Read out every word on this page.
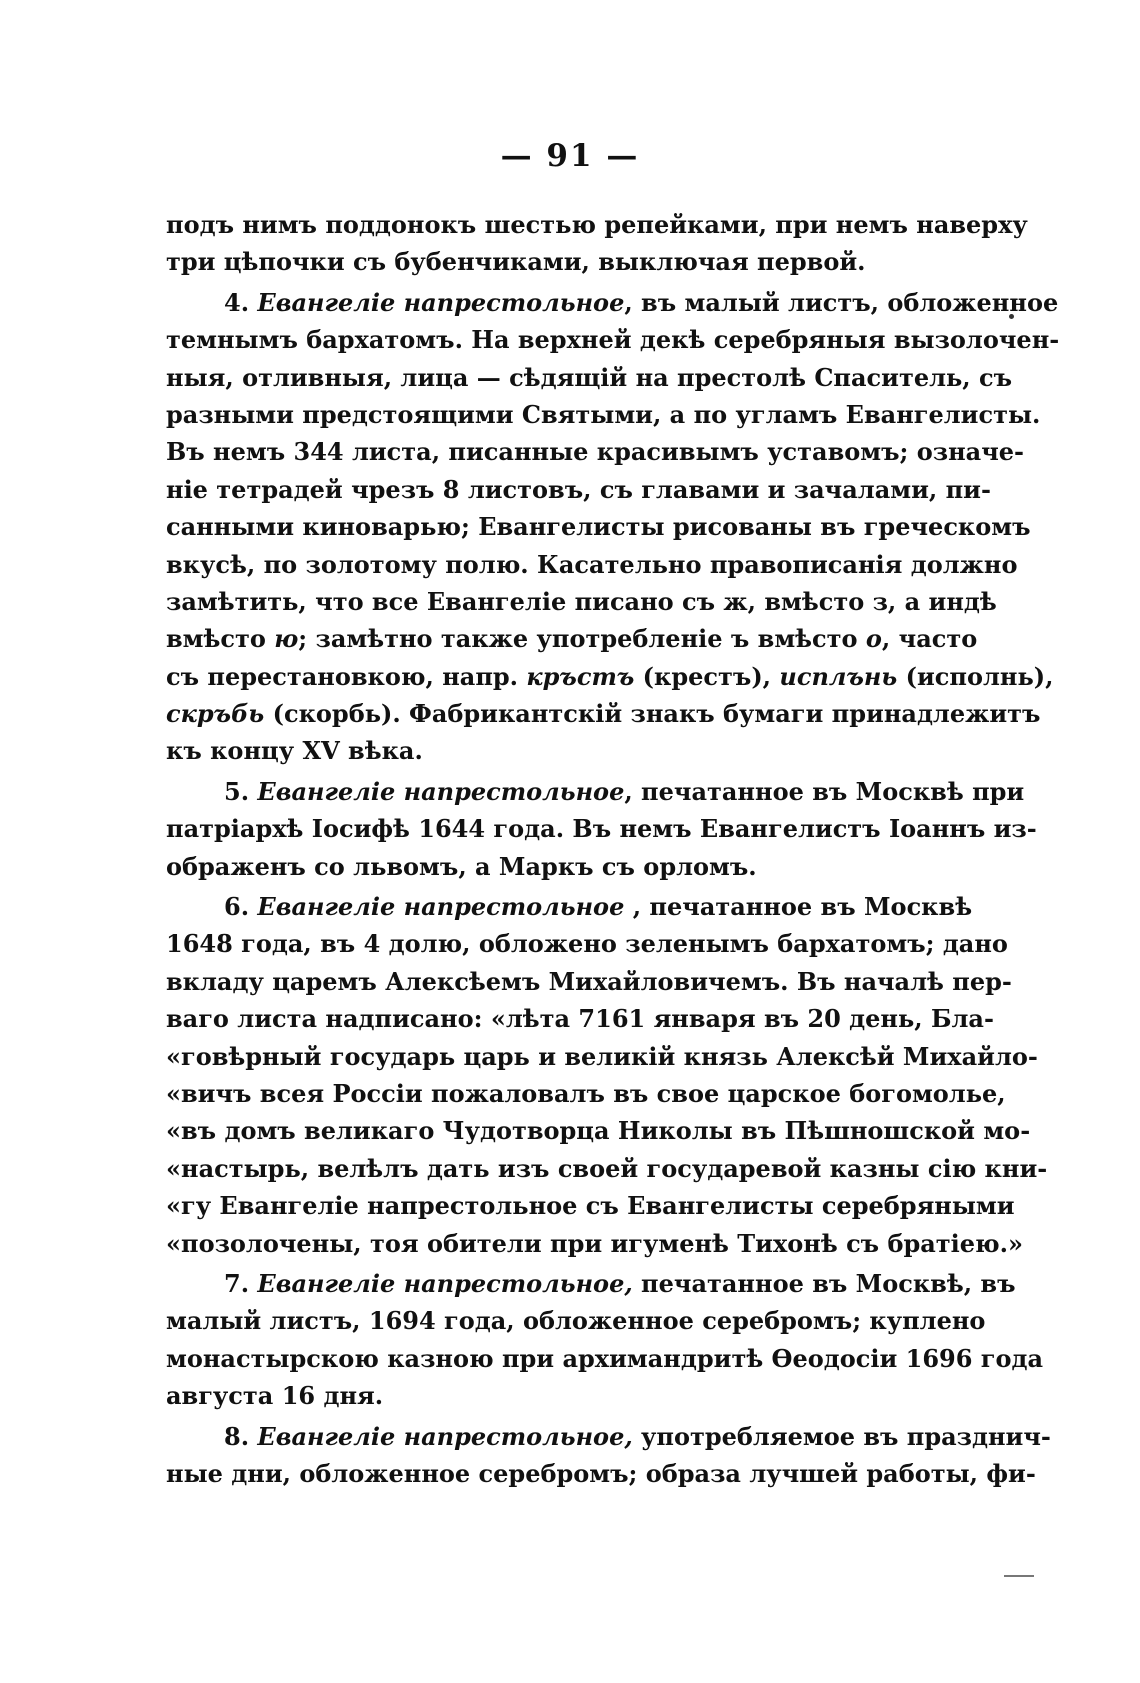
— 91 —
подъ нимъ поддонокъ шестью репейками, при немъ наверху
три цѣпочки съ бубенчиками, выключая первой.
4. Евангеліе напрестольное, въ малый листъ, обложенное
темнымъ бархатомъ. На верхней декѣ серебряныя вызолочен-
ныя, отливныя, лица — сѣдящій на престолѣ Спаситель, съ
разными предстоящими Святыми, а по угламъ Евангелисты.
Въ немъ 344 листа, писанные красивымъ уставомъ; означе-
ніе тетрадей чрезъ 8 листовъ, съ главами и зачалами, пи-
санными киноварью; Евангелисты рисованы въ греческомъ
вкусѣ, по золотому полю. Касательно правописанія должно
замѣтить, что все Евангеліе писано съ ж, вмѣсто з, а индѣ
вмѣсто ю; замѣтно также употребленіе ъ вмѣсто о, часто
съ перестановкою, напр. кръстъ (крестъ), исплънь (исполнь),
скръбь (скорбь). Фабрикантскій знакъ бумаги принадлежитъ
къ концу XV вѣка.
5. Евангеліе напрестольное, печатанное въ Москвѣ при
патріархѣ Іосифѣ 1644 года. Въ немъ Евангелистъ Іоаннъ из-
ображенъ со львомъ, а Маркъ съ орломъ.
6. Евангеліе напрестольное , печатанное въ Москвѣ
1648 года, въ 4 долю, обложено зеленымъ бархатомъ; дано
вкладу царемъ Алексѣемъ Михайловичемъ. Въ началѣ пер-
ваго листа надписано: «лѣта 7161 января въ 20 день, Бла-
«говѣрный государь царь и великій князь Алексѣй Михайло-
«вичъ всея Россіи пожаловалъ въ свое царское богомолье,
«въ домъ великаго Чудотворца Николы въ Пѣшношской мо-
«настырь, велѣлъ дать изъ своей государевой казны сію кни-
«гу Евангеліе напрестольное съ Евангелисты серебряными
«позолочены, тоя обители при игуменѣ Тихонѣ съ братіею.»
7. Евангеліе напрестольное, печатанное въ Москвѣ, въ
малый листъ, 1694 года, обложенное серебромъ; куплено
монастырскою казною при архимандритѣ Ѳеодосіи 1696 года
августа 16 дня.
8. Евангеліе напрестольное, употребляемое въ празднич-
ные дни, обложенное серебромъ; образа лучшей работы, фи-
